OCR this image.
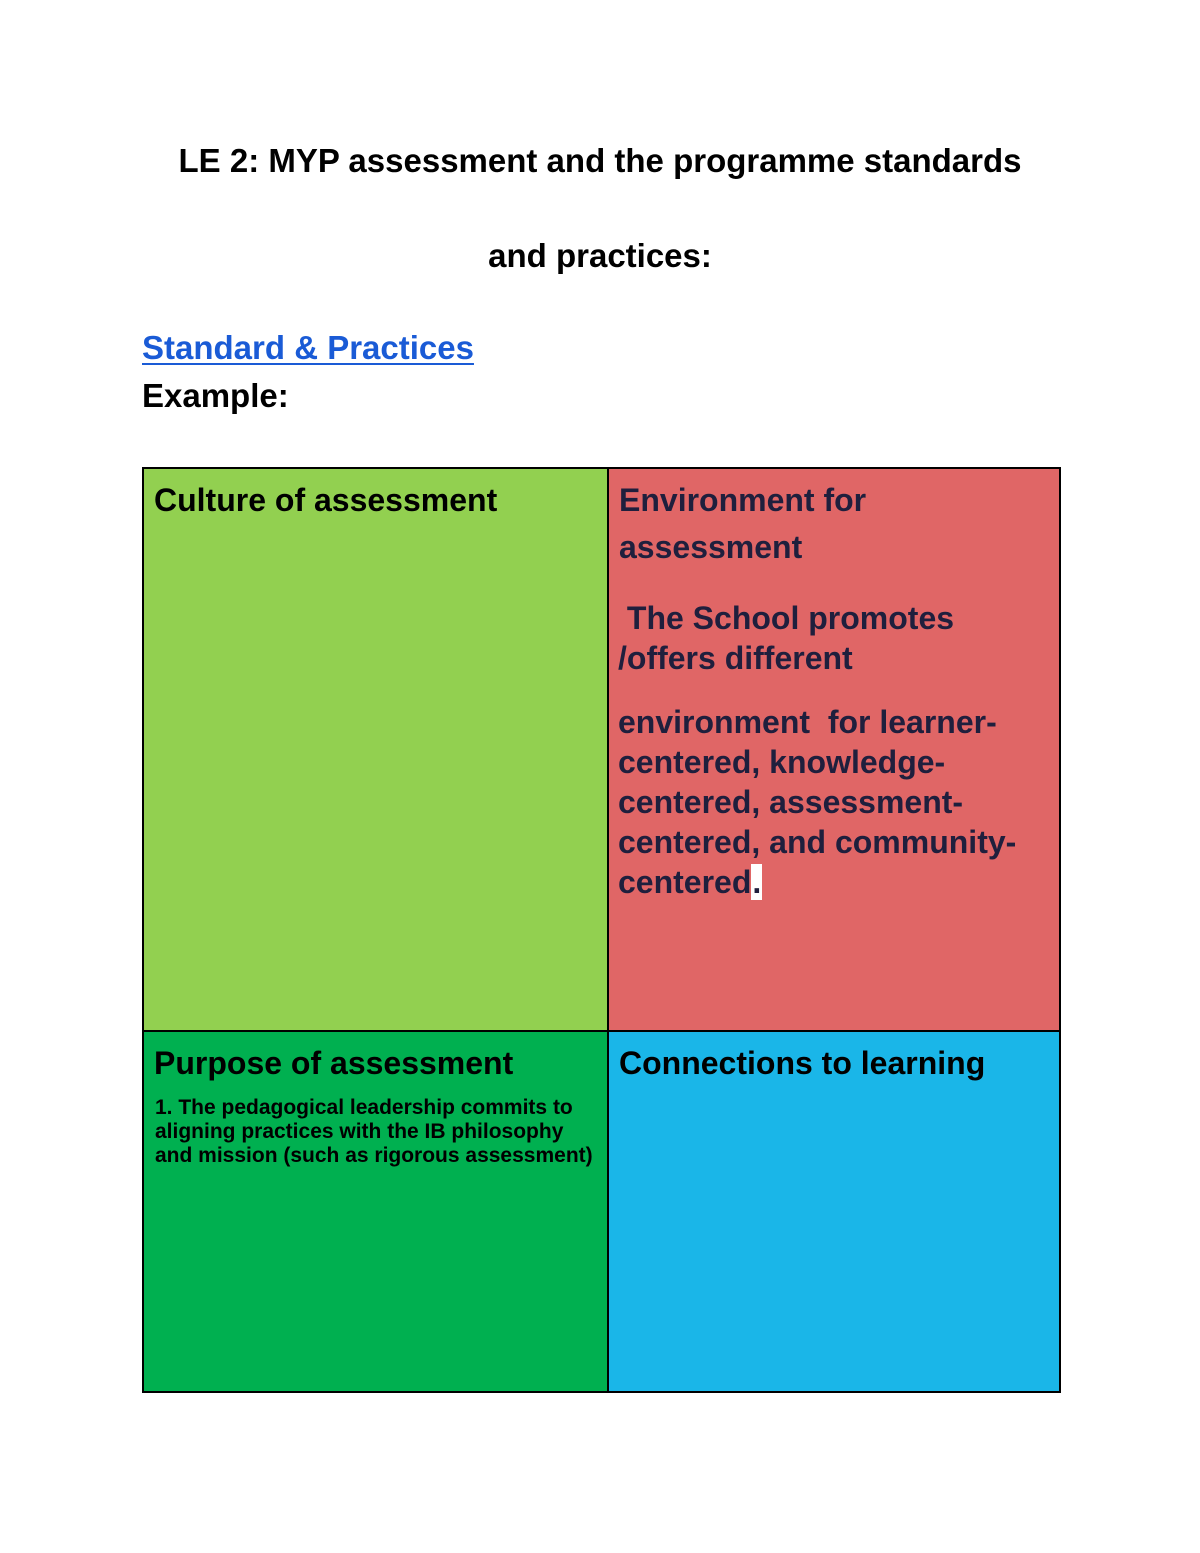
LE 2: MYP assessment and the programme standards
and practices:
Standard & Practices
Example:
Culture of assessment	Environment for assessment
The School promotes /offers different
environment  for learner-centered, knowledge-centered, assessment-centered, and community-centered.
Purpose of assessment
1. The pedagogical leadership commits to aligning practices with the IB philosophy and mission (such as rigorous assessment)
Connections to learning
